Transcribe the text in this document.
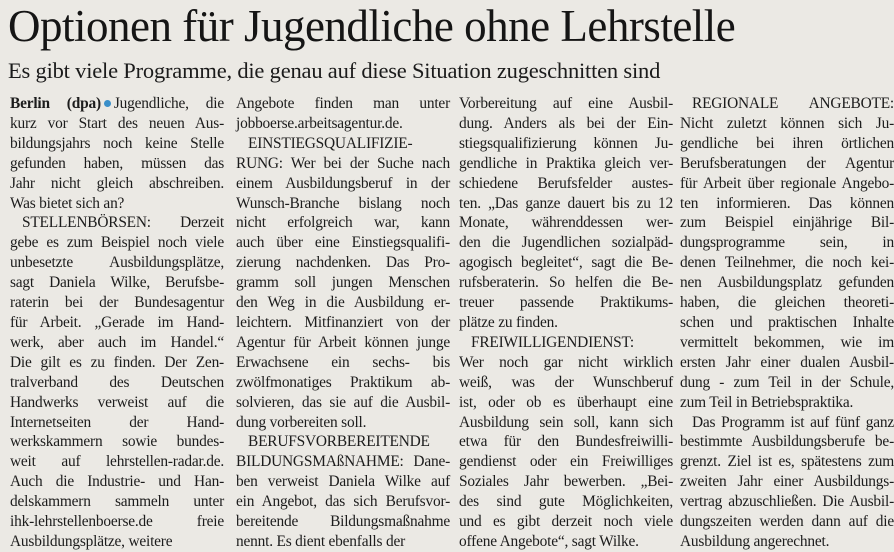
Optionen für Jugendliche ohne Lehrstelle
Es gibt viele Programme, die genau auf diese Situation zugeschnitten sind

Berlin (dpa) Jugendliche, die

kurz vor Start des neuen Aus-

bildungsjahrs noch keine Stelle

gefunden haben, müssen das

Jahr nicht gleich abschreiben.

Was bietet sich an?

STELLENBÖRSEN: Derzeit

gebe es zum Beispiel noch viele

unbesetzte Ausbildungsplätze,

sagt Daniela Wilke, Berufsbe-

raterin bei der Bundesagentur

für Arbeit. „Gerade im Hand-

werk, aber auch im Handel.“

Die gilt es zu finden. Der Zen-

tralverband des Deutschen

Handwerks verweist auf die

Internetseiten der Hand-

werkskammern sowie bundes-

weit auf lehrstellen-radar.de.

Auch die Industrie- und Han-

delskammern sammeln unter

ihk-lehrstellenboerse.de freie

Ausbildungsplätze, weitere

Angebote finden man unter

jobboerse.arbeitsagentur.de.

EINSTIEGSQUALIFIZIE-

RUNG: Wer bei der Suche nach

einem Ausbildungsberuf in der

Wunsch-Branche bislang noch

nicht erfolgreich war, kann

auch über eine Einstiegsqualifi-

zierung nachdenken. Das Pro-

gramm soll jungen Menschen

den Weg in die Ausbildung er-

leichtern. Mitfinanziert von der

Agentur für Arbeit können junge

Erwachsene ein sechs- bis

zwölfmonatiges Praktikum ab-

solvieren, das sie auf die Ausbil-

dung vorbereiten soll.

BERUFSVORBEREITENDE

BILDUNGSMAßNAHME: Dane-

ben verweist Daniela Wilke auf

ein Angebot, das sich Berufsvor-

bereitende Bildungsmaßnahme

nennt. Es dient ebenfalls der

Vorbereitung auf eine Ausbil-

dung. Anders als bei der Ein-

stiegsqualifizierung können Ju-

gendliche in Praktika gleich ver-

schiedene Berufsfelder austes-

ten. „Das ganze dauert bis zu 12

Monate, währenddessen wer-

den die Jugendlichen sozialpäd-

agogisch begleitet“, sagt die Be-

rufsberaterin. So helfen die Be-

treuer passende Praktikums-

plätze zu finden.

FREIWILLIGENDIENST:

Wer noch gar nicht wirklich

weiß, was der Wunschberuf

ist, oder ob es überhaupt eine

Ausbildung sein soll, kann sich

etwa für den Bundesfreiwilli-

gendienst oder ein Freiwilliges

Soziales Jahr bewerben. „Bei-

des sind gute Möglichkeiten,

und es gibt derzeit noch viele

offene Angebote“, sagt Wilke.

REGIONALE ANGEBOTE:

Nicht zuletzt können sich Ju-

gendliche bei ihren örtlichen

Berufsberatungen der Agentur

für Arbeit über regionale Angebo-

ten informieren. Das können

zum Beispiel einjährige Bil-

dungsprogramme sein, in

denen Teilnehmer, die noch kei-

nen Ausbildungsplatz gefunden

haben, die gleichen theoreti-

schen und praktischen Inhalte

vermittelt bekommen, wie im

ersten Jahr einer dualen Ausbil-

dung - zum Teil in der Schule,

zum Teil in Betriebspraktika.

Das Programm ist auf fünf ganz

bestimmte Ausbildungsberufe be-

grenzt. Ziel ist es, spätestens zum

zweiten Jahr einer Ausbildungs-

vertrag abzuschließen. Die Ausbil-

dungszeiten werden dann auf die

Ausbildung angerechnet.
